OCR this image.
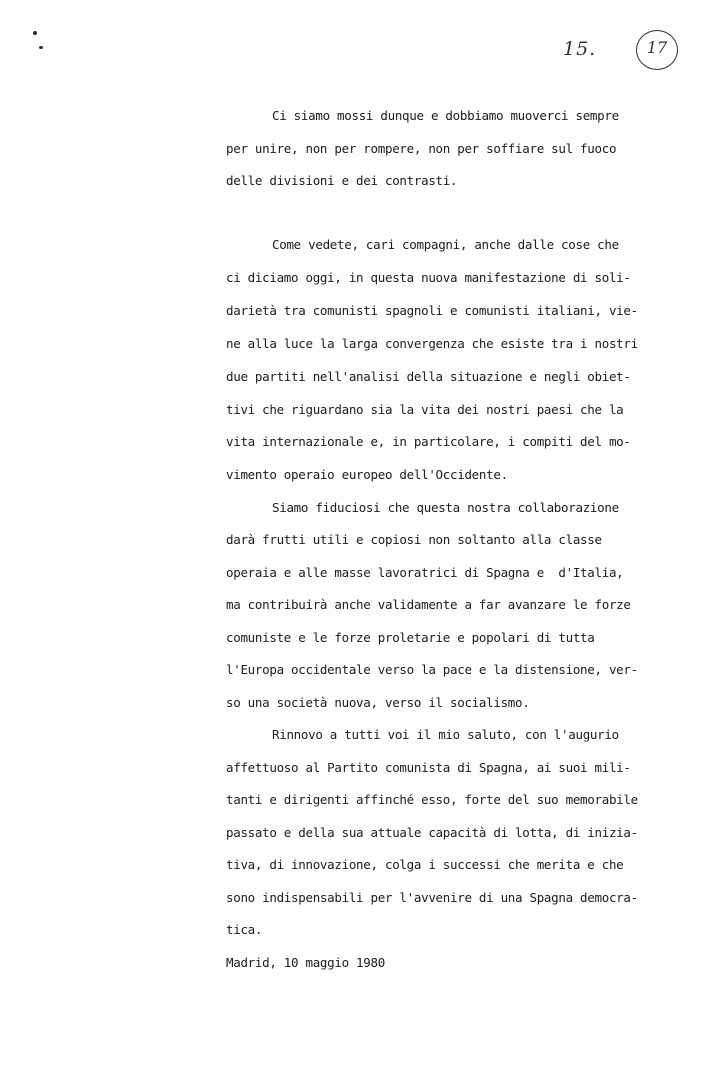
15.	17

Ci siamo mossi dunque e dobbiamo muoverci sempre

per unire, non per rompere, non per soffiare sul fuoco

delle divisioni e dei contrasti.

Come vedete, cari compagni, anche dalle cose che

ci diciamo oggi, in questa nuova manifestazione di soli-

darietà tra comunisti spagnoli e comunisti italiani, vie-

ne alla luce la larga convergenza che esiste tra i nostri

due partiti nell'analisi della situazione e negli obiet-

tivi che riguardano sia la vita dei nostri paesi che la

vita internazionale e, in particolare, i compiti del mo-

vimento operaio europeo dell'Occidente.

Siamo fiduciosi che questa nostra collaborazione

darà frutti utili e copiosi non soltanto alla classe

operaia e alle masse lavoratrici di Spagna e  d'Italia,

ma contribuirà anche validamente a far avanzare le forze

comuniste e le forze proletarie e popolari di tutta

l'Europa occidentale verso la pace e la distensione, ver-

so una società nuova, verso il socialismo.

Rinnovo a tutti voi il mio saluto, con l'augurio

affettuoso al Partito comunista di Spagna, ai suoi mili-

tanti e dirigenti affinché esso, forte del suo memorabile

passato e della sua attuale capacità di lotta, di inizia-

tiva, di innovazione, colga i successi che merita e che

sono indispensabili per l'avvenire di una Spagna democra-

tica.

Madrid, 10 maggio 1980
